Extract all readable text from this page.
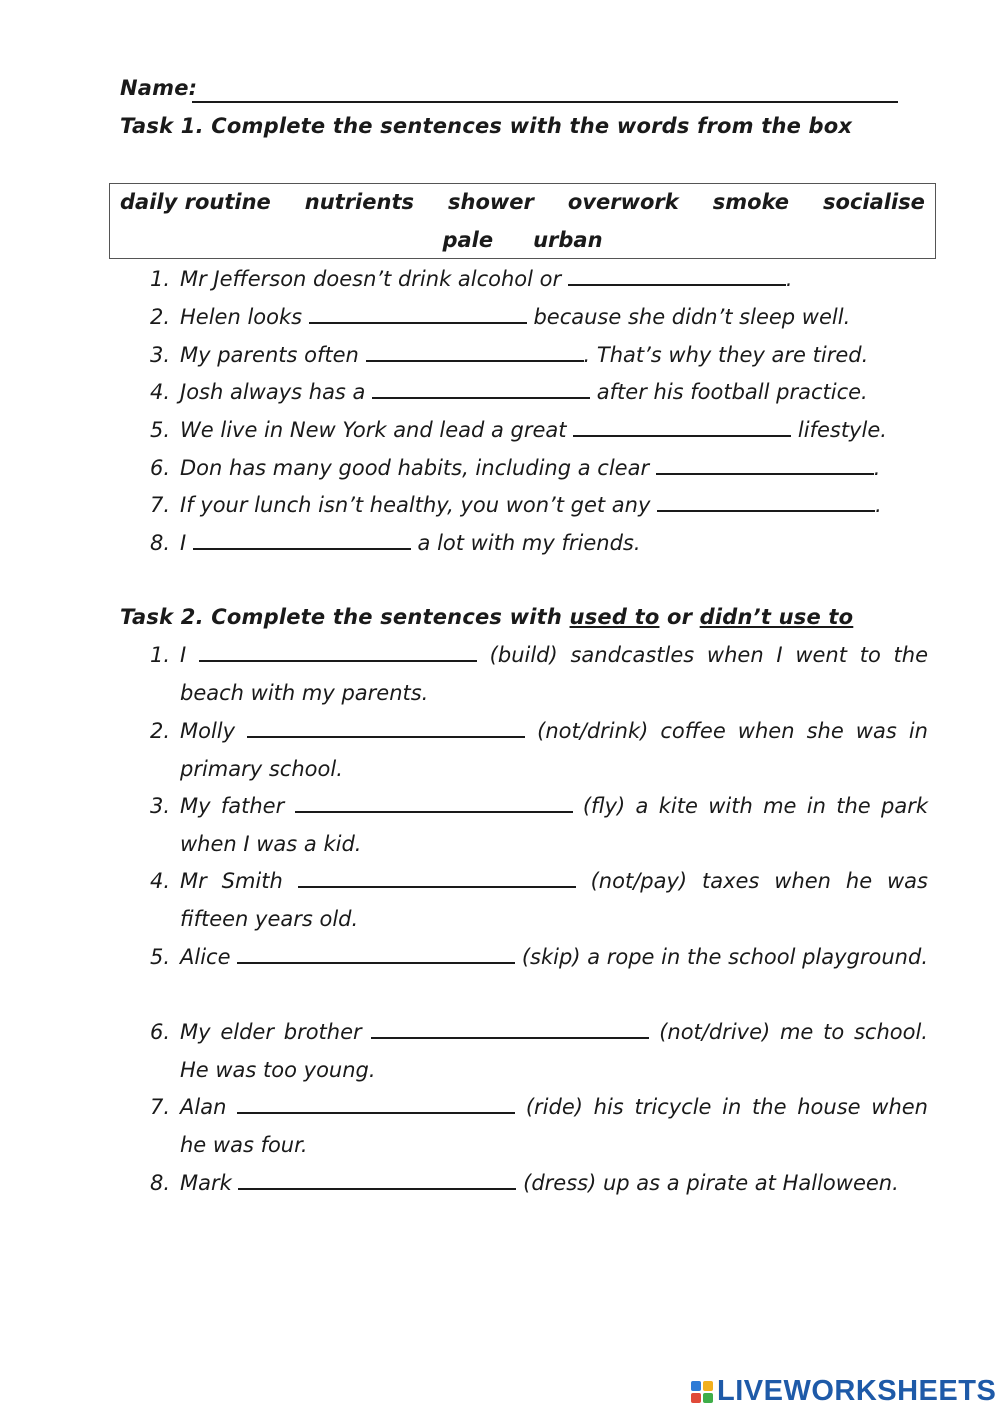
Name:
Task 1. Complete the sentences with the words from the box
daily routine nutrients shower overwork smoke socialise
pale urban
1. Mr Jefferson doesn’t drink alcohol or	.
2. Helen looks	because she didn’t sleep well.
3. My parents often	. That’s why they are tired.
4. Josh always has a	after his football practice.
5. We live in New York and lead a great	lifestyle.
6. Don has many good habits, including a clear	.
7. If your lunch isn’t healthy, you won’t get any	.
8. I	a lot with my friends.
Task 2. Complete the sentences with used to or didn’t use to
1. I	(build) sandcastles when I went to the beach with my parents.
2. Molly	(not/drink) coffee when she was in primary school.
3. My father	(fly) a kite with me in the park when I was a kid.
4. Mr Smith	(not/pay) taxes when he was fifteen years old.
5. Alice	(skip) a rope in the school playground.
6. My elder brother	(not/drive) me to school. He was too young.
7. Alan	(ride) his tricycle in the house when he was four.
8. Mark	(dress) up as a pirate at Halloween.
LIVEWORKSHEETS
